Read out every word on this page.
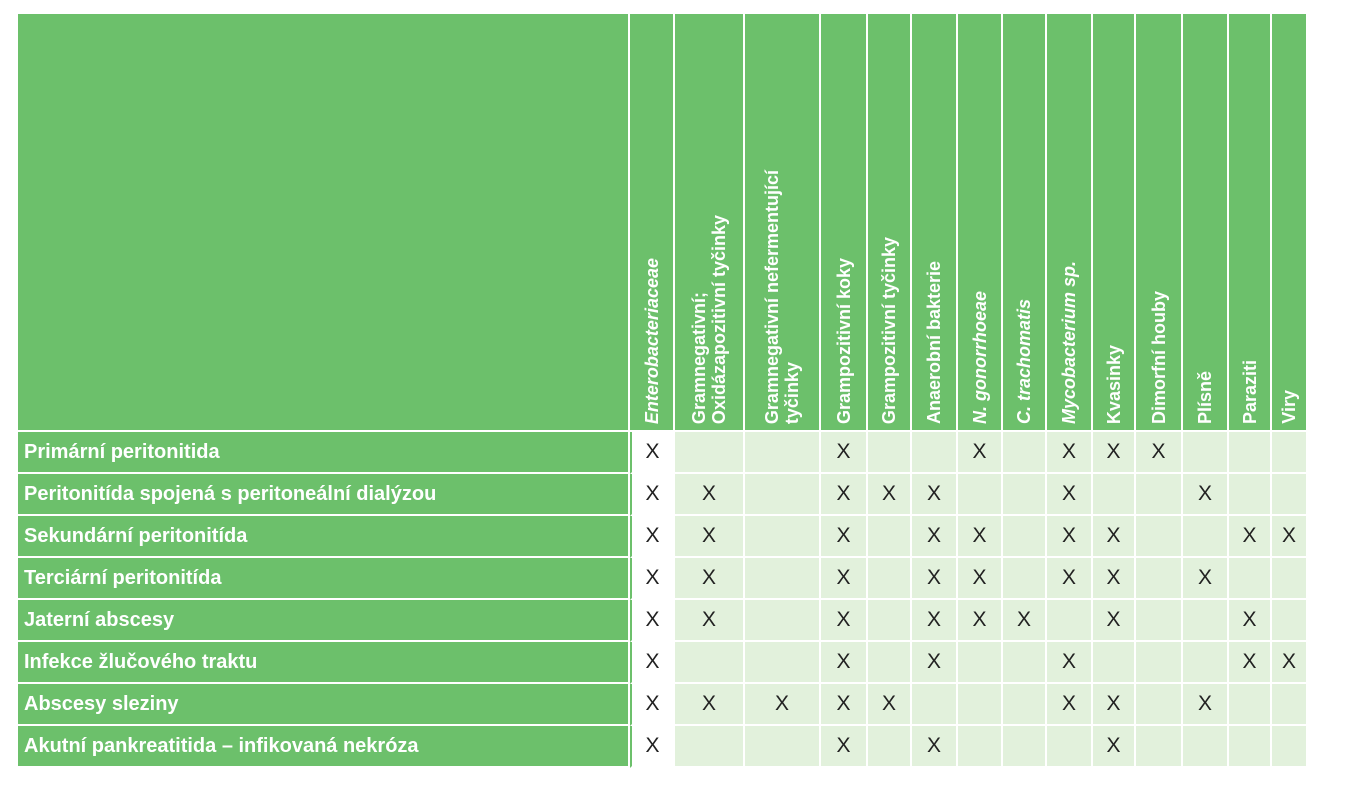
	Enterobacteriaceae	Gramnegativní;
Oxidázapozitivní tyčinky	Gramnegativní nefermentující
tyčinky	Grampozitivní koky	Grampozitivní tyčinky	Anaerobní bakterie	N. gonorrhoeae	C. trachomatis	Mycobacterium sp.	Kvasinky	Dimorfní houby	Plísně	Paraziti	Viry

Primární peritonitida	X			X			X		X	X	X			
Peritonitída spojená s peritoneální dialýzou	X	X		X	X	X			X			X		
Sekundární peritonitída	X	X		X		X	X		X	X			X	X
Terciární peritonitída	X	X		X		X	X		X	X		X		
Jaterní abscesy	X	X		X		X	X	X		X			X	
Infekce žlučového traktu	X			X		X			X				X	X
Abscesy sleziny	X	X	X	X	X				X	X		X		
Akutní pankreatitida – infikovaná nekróza	X			X		X				X				
